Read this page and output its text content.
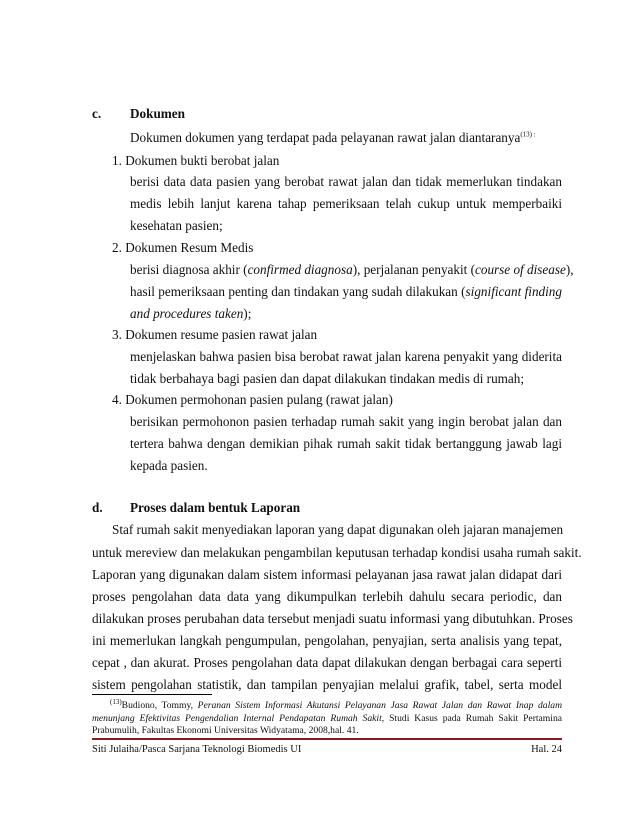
c. Dokumen
Dokumen dokumen yang terdapat pada pelayanan rawat jalan diantaranya$^{(13) :}$
1. Dokumen bukti berobat jalan
berisi data data pasien yang berobat rawat jalan dan tidak memerlukan tindakan
medis lebih lanjut karena tahap pemeriksaan telah cukup untuk memperbaiki
kesehatan pasien;
2. Dokumen Resum Medis
berisi diagnosa akhir (confirmed diagnosa), perjalanan penyakit (course of disease),
hasil pemeriksaan penting dan tindakan yang sudah dilakukan (significant finding
and procedures taken);
3. Dokumen resume pasien rawat jalan
menjelaskan bahwa pasien bisa berobat rawat jalan karena penyakit yang diderita
tidak berbahaya bagi pasien dan dapat dilakukan tindakan medis di rumah;
4. Dokumen permohonan pasien pulang (rawat jalan)
berisikan permohonon pasien terhadap rumah sakit yang ingin berobat jalan dan
tertera bahwa dengan demikian pihak rumah sakit tidak bertanggung jawab lagi
kepada pasien.
d. Proses dalam bentuk Laporan
Staf rumah sakit menyediakan laporan yang dapat digunakan oleh jajaran manajemen
untuk mereview dan melakukan pengambilan keputusan terhadap kondisi usaha rumah sakit.
Laporan yang digunakan dalam sistem informasi pelayanan jasa rawat jalan didapat dari
proses pengolahan data data yang dikumpulkan terlebih dahulu secara periodic, dan
dilakukan proses perubahan data tersebut menjadi suatu informasi yang dibutuhkan. Proses
ini memerlukan langkah pengumpulan, pengolahan, penyajian, serta analisis yang tepat,
cepat , dan akurat. Proses pengolahan data dapat dilakukan dengan berbagai cara seperti
sistem pengolahan statistik, dan tampilan penyajian melalui grafik, tabel, serta model
$^{(13)}$Budiono, Tommy, Peranan Sistem Informasi Akutansi Pelayanan Jasa Rawat Jalan dan Rawat Inap dalam
menunjang Efektivitas Pengendalian Internal Pendapatan Rumah Sakit, Studi Kasus pada Rumah Sakit Pertamina
Prabumulih, Fakultas Ekonomi Universitas Widyatama, 2008,hal. 41.
Siti Julaiha/Pasca Sarjana Teknologi Biomedis UI	Hal. 24
